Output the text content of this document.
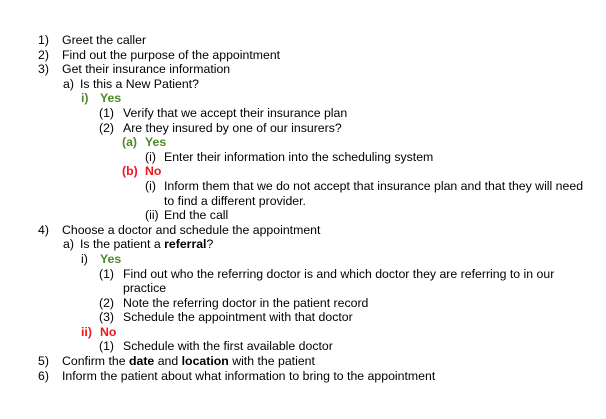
1) Greet the caller
2) Find out the purpose of the appointment
3) Get their insurance information
a) Is this a New Patient?
i) Yes
(1) Verify that we accept their insurance plan
(2) Are they insured by one of our insurers?
(a) Yes
(i) Enter their information into the scheduling system
(b) No
(i) Inform them that we do not accept that insurance plan and that they will need to find a different provider.
(ii) End the call
4) Choose a doctor and schedule the appointment
a) Is the patient a referral?
i) Yes
(1) Find out who the referring doctor is and which doctor they are referring to in our practice
(2) Note the referring doctor in the patient record
(3) Schedule the appointment with that doctor
ii) No
(1) Schedule with the first available doctor
5) Confirm the date and location with the patient
6) Inform the patient about what information to bring to the appointment
